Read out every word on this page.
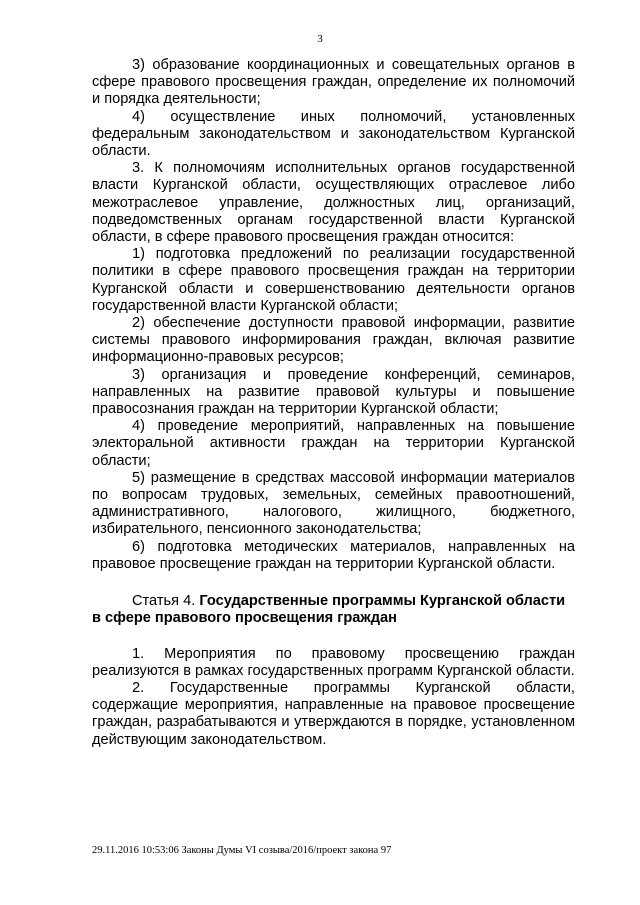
3

3) образование координационных и совещательных органов в сфере правового просвещения граждан, определение их полномочий и порядка деятельности;

4) осуществление иных полномочий, установленных федеральным законодательством и законодательством Курганской области.

3. К полномочиям исполнительных органов государственной власти Курганской области, осуществляющих отраслевое либо межотраслевое управление, должностных лиц, организаций, подведомственных органам государственной власти Курганской области, в сфере правового просвещения граждан относится:

1) подготовка предложений по реализации государственной политики в сфере правового просвещения граждан на территории Курганской области и совершенствованию деятельности органов государственной власти Курганской области;

2) обеспечение доступности правовой информации, развитие системы правового информирования граждан, включая развитие информационно-правовых ресурсов;

3) организация и проведение конференций, семинаров, направленных на развитие правовой культуры и повышение правосознания граждан на территории Курганской области;

4) проведение мероприятий, направленных на повышение электоральной активности граждан на территории Курганской области;

5) размещение в средствах массовой информации материалов по вопросам трудовых, земельных, семейных правоотношений, административного, налогового, жилищного, бюджетного, избирательного, пенсионного законодательства;

6) подготовка методических материалов, направленных на правовое просвещение граждан на территории Курганской области.

Статья 4. Государственные программы Курганской области в сфере правового просвещения граждан

1. Мероприятия по правовому просвещению граждан реализуются в рамках государственных программ Курганской области.

2. Государственные программы Курганской области, содержащие мероприятия, направленные на правовое просвещение граждан, разрабатываются и утверждаются в порядке, установленном действующим законодательством.

29.11.2016 10:53:06 Законы Думы VI созыва/2016/проект закона 97
